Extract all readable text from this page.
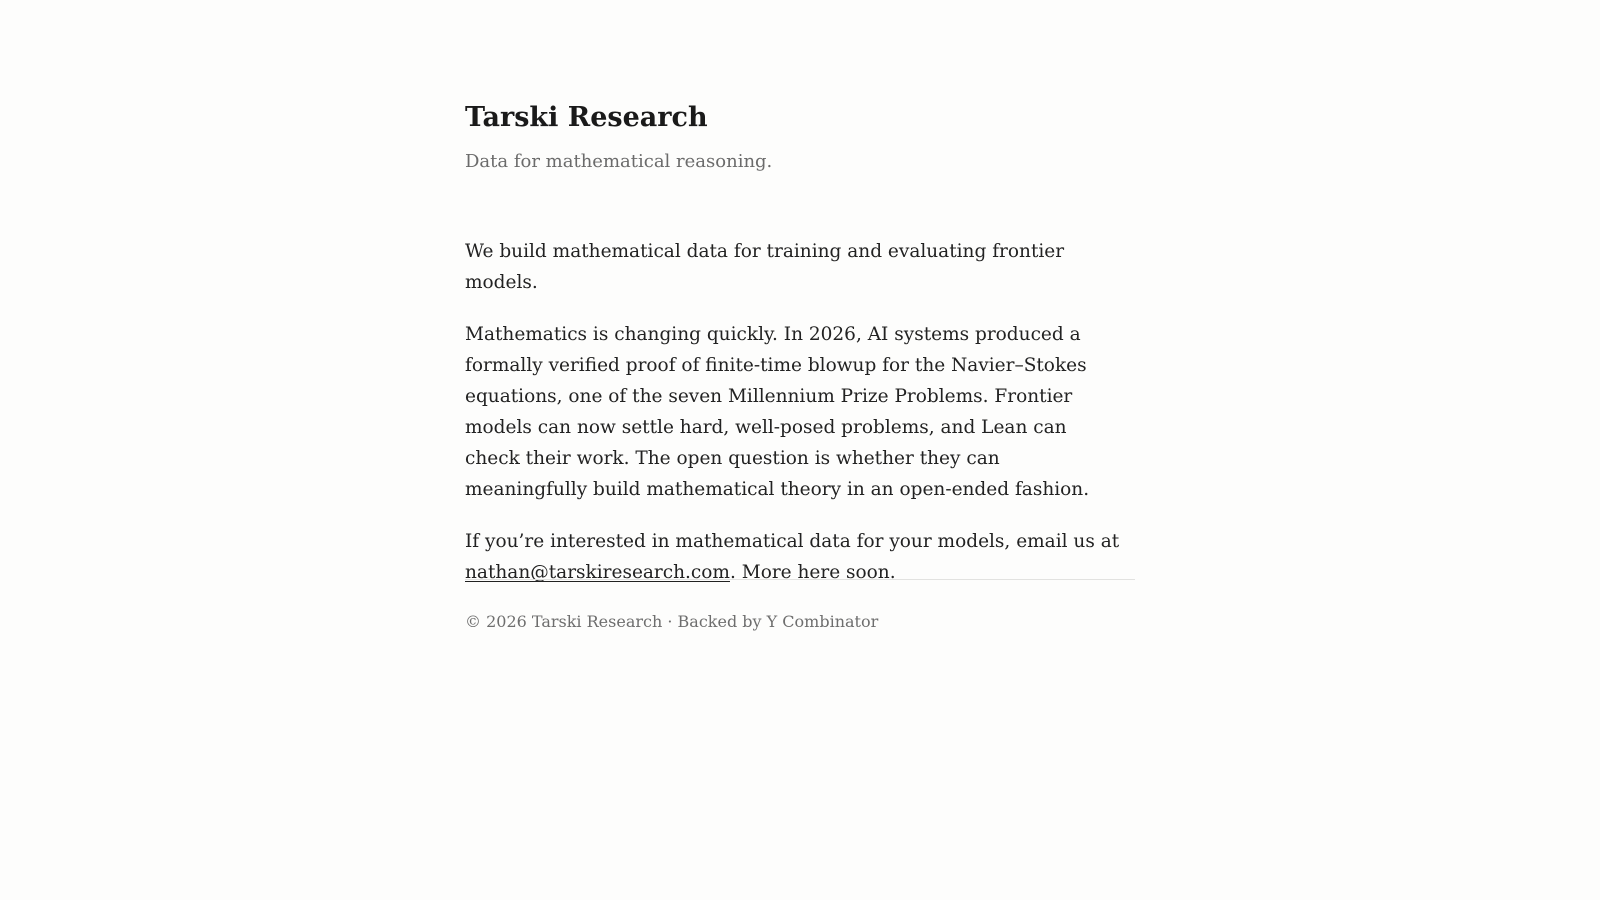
Tarski Research

Data for mathematical reasoning.

We build mathematical data for training and evaluating frontier models.

Mathematics is changing quickly. In 2026, AI systems produced a formally verified proof of finite-time blowup for the Navier–Stokes equations, one of the seven Millennium Prize Problems. Frontier models can now settle hard, well-posed problems, and Lean can check their work. The open question is whether they can meaningfully build mathematical theory in an open-ended fashion.

If you’re interested in mathematical data for your models, email us at nathan@tarskiresearch.com. More here soon.

© 2026 Tarski Research · Backed by Y Combinator
